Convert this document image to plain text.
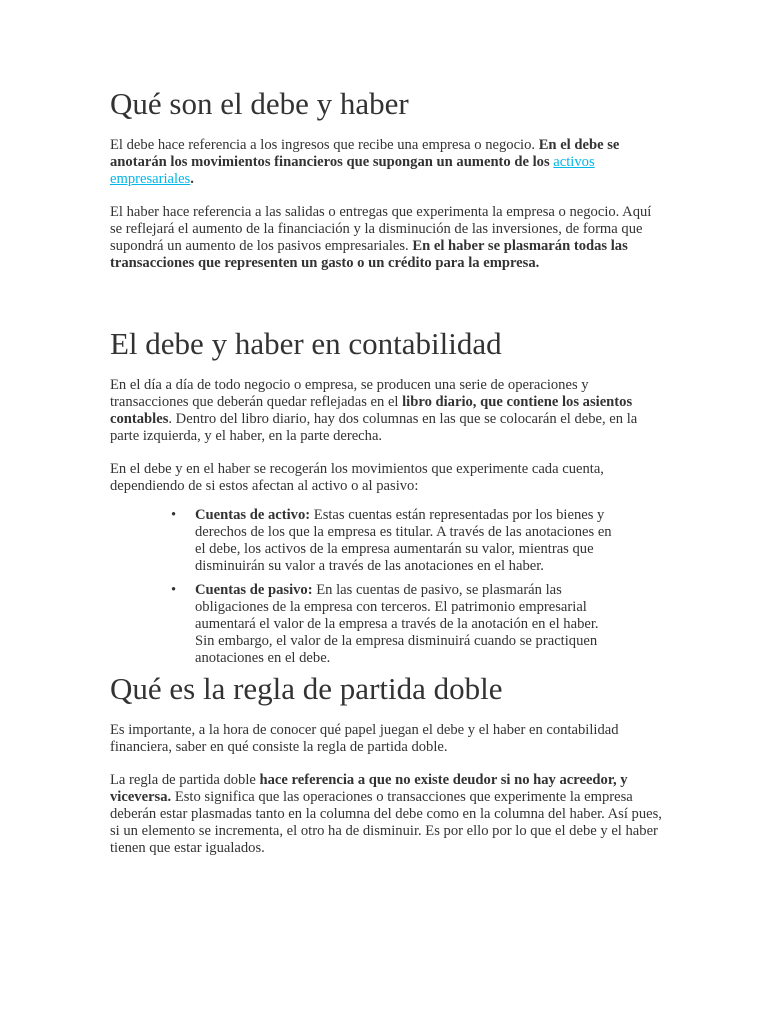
Qué son el debe y haber

El debe hace referencia a los ingresos que recibe una empresa o negocio. En el debe se anotarán los movimientos financieros que supongan un aumento de los activos empresariales.

El haber hace referencia a las salidas o entregas que experimenta la empresa o negocio. Aquí se reflejará el aumento de la financiación y la disminución de las inversiones, de forma que supondrá un aumento de los pasivos empresariales. En el haber se plasmarán todas las transacciones que representen un gasto o un crédito para la empresa.

El debe y haber en contabilidad

En el día a día de todo negocio o empresa, se producen una serie de operaciones y transacciones que deberán quedar reflejadas en el libro diario, que contiene los asientos contables. Dentro del libro diario, hay dos columnas en las que se colocarán el debe, en la parte izquierda, y el haber, en la parte derecha.

En el debe y en el haber se recogerán los movimientos que experimente cada cuenta, dependiendo de si estos afectan al activo o al pasivo:

• Cuentas de activo: Estas cuentas están representadas por los bienes y derechos de los que la empresa es titular. A través de las anotaciones en el debe, los activos de la empresa aumentarán su valor, mientras que disminuirán su valor a través de las anotaciones en el haber.
• Cuentas de pasivo: En las cuentas de pasivo, se plasmarán las obligaciones de la empresa con terceros. El patrimonio empresarial aumentará el valor de la empresa a través de la anotación en el haber. Sin embargo, el valor de la empresa disminuirá cuando se practiquen anotaciones en el debe.
Qué es la regla de partida doble

Es importante, a la hora de conocer qué papel juegan el debe y el haber en contabilidad financiera, saber en qué consiste la regla de partida doble.

La regla de partida doble hace referencia a que no existe deudor si no hay acreedor, y viceversa. Esto significa que las operaciones o transacciones que experimente la empresa deberán estar plasmadas tanto en la columna del debe como en la columna del haber. Así pues, si un elemento se incrementa, el otro ha de disminuir. Es por ello por lo que el debe y el haber tienen que estar igualados.
